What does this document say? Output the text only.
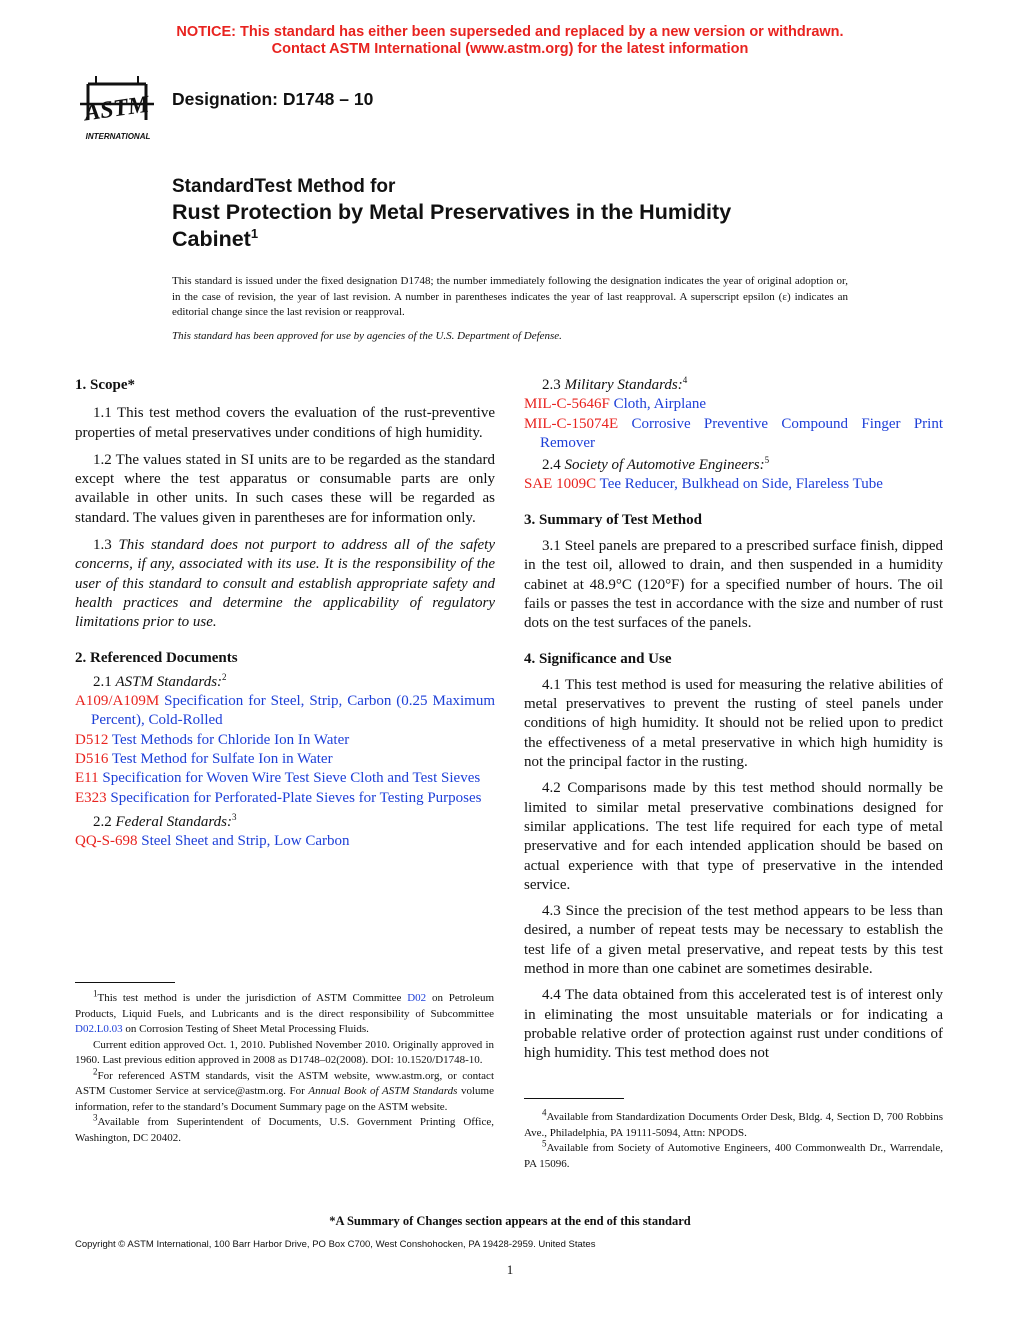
NOTICE: This standard has either been superseded and replaced by a new version or withdrawn.
Contact ASTM International (www.astm.org) for the latest information
ASTM
INTERNATIONAL
Designation: D1748 – 10
StandardTest Method for
Rust Protection by Metal Preservatives in the Humidity
Cabinet$^1$

This standard is issued under the fixed designation D1748; the number immediately following the designation indicates the year of original adoption or, in the case of revision, the year of last revision. A number in parentheses indicates the year of last reapproval. A superscript epsilon (ε) indicates an editorial change since the last revision or reapproval.

This standard has been approved for use by agencies of the U.S. Department of Defense.

1. Scope*

1.1 This test method covers the evaluation of the rust-preventive properties of metal preservatives under conditions of high humidity.

1.2 The values stated in SI units are to be regarded as the standard except where the test apparatus or consumable parts are only available in other units. In such cases these will be regarded as standard. The values given in parentheses are for information only.

1.3 This standard does not purport to address all of the safety concerns, if any, associated with its use. It is the responsibility of the user of this standard to consult and establish appropriate safety and health practices and determine the applicability of regulatory limitations prior to use.

2. Referenced Documents

2.1 ASTM Standards:$^2$

A109/A109M Specification for Steel, Strip, Carbon (0.25 Maximum Percent), Cold-Rolled

D512 Test Methods for Chloride Ion In Water

D516 Test Method for Sulfate Ion in Water

E11 Specification for Woven Wire Test Sieve Cloth and Test Sieves

E323 Specification for Perforated-Plate Sieves for Testing Purposes

2.2 Federal Standards:$^3$

QQ-S-698 Steel Sheet and Strip, Low Carbon

$^1$This test method is under the jurisdiction of ASTM Committee D02 on Petroleum Products, Liquid Fuels, and Lubricants and is the direct responsibility of Subcommittee D02.L0.03 on Corrosion Testing of Sheet Metal Processing Fluids.

Current edition approved Oct. 1, 2010. Published November 2010. Originally approved in 1960. Last previous edition approved in 2008 as D1748–02(2008). DOI: 10.1520/D1748-10.

$^2$For referenced ASTM standards, visit the ASTM website, www.astm.org, or contact ASTM Customer Service at service@astm.org. For Annual Book of ASTM Standards volume information, refer to the standard’s Document Summary page on the ASTM website.

$^3$Available from Superintendent of Documents, U.S. Government Printing Office, Washington, DC 20402.

2.3 Military Standards:$^4$

MIL-C-5646F Cloth, Airplane

MIL-C-15074E Corrosive Preventive Compound Finger Print Remover

2.4 Society of Automotive Engineers:$^5$

SAE 1009C Tee Reducer, Bulkhead on Side, Flareless Tube

3. Summary of Test Method

3.1 Steel panels are prepared to a prescribed surface finish, dipped in the test oil, allowed to drain, and then suspended in a humidity cabinet at 48.9°C (120°F) for a specified number of hours. The oil fails or passes the test in accordance with the size and number of rust dots on the test surfaces of the panels.

4. Significance and Use

4.1 This test method is used for measuring the relative abilities of metal preservatives to prevent the rusting of steel panels under conditions of high humidity. It should not be relied upon to predict the effectiveness of a metal preservative in which high humidity is not the principal factor in the rusting.

4.2 Comparisons made by this test method should normally be limited to similar metal preservative combinations designed for similar applications. The test life required for each type of metal preservative and for each intended application should be based on actual experience with that type of preservative in the intended service.

4.3 Since the precision of the test method appears to be less than desired, a number of repeat tests may be necessary to establish the test life of a given metal preservative, and repeat tests by this test method in more than one cabinet are sometimes desirable.

4.4 The data obtained from this accelerated test is of interest only in eliminating the most unsuitable materials or for indicating a probable relative order of protection against rust under conditions of high humidity. This test method does not

$^4$Available from Standardization Documents Order Desk, Bldg. 4, Section D, 700 Robbins Ave., Philadelphia, PA 19111-5094, Attn: NPODS.

$^5$Available from Society of Automotive Engineers, 400 Commonwealth Dr., Warrendale, PA 15096.

*A Summary of Changes section appears at the end of this standard
Copyright © ASTM International, 100 Barr Harbor Drive, PO Box C700, West Conshohocken, PA 19428-2959. United States
1
